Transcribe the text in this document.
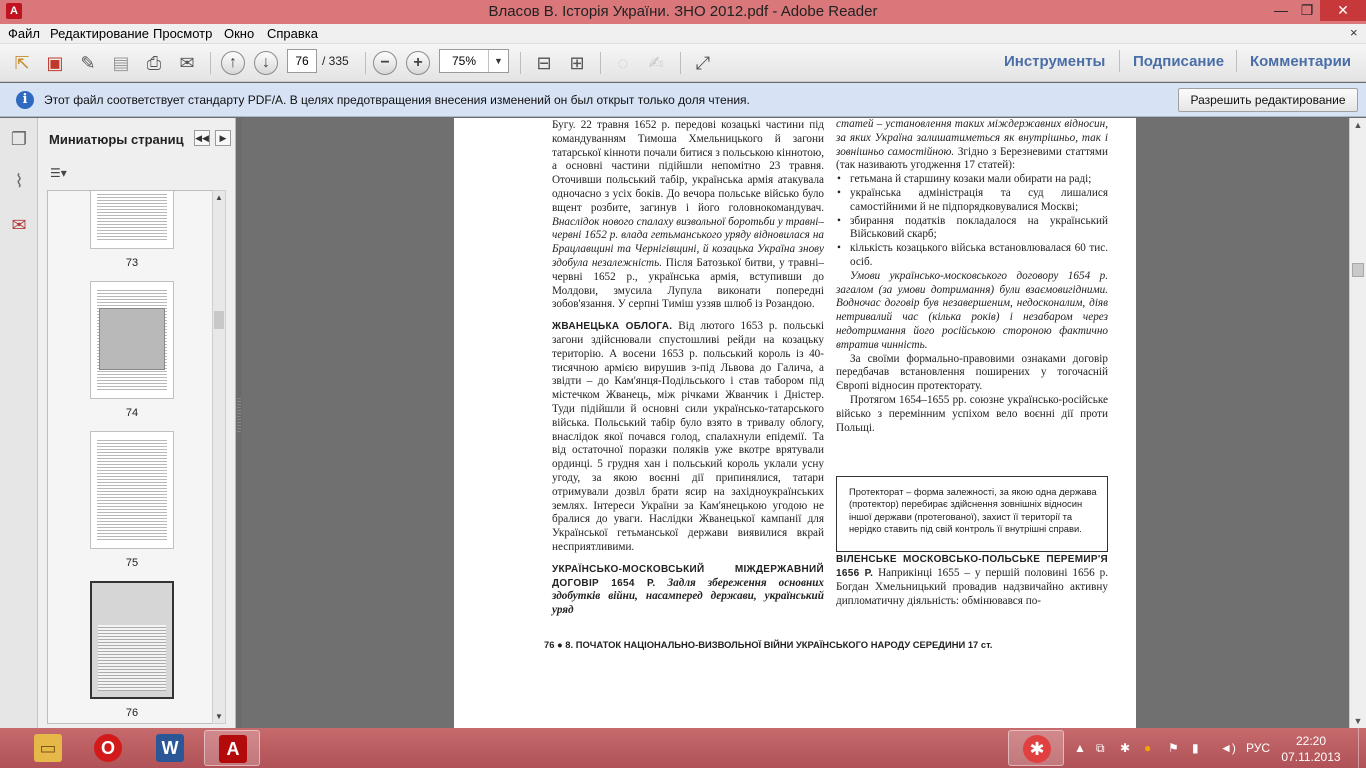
A	Власов В. Історія України. ЗНО 2012.pdf - Adobe Reader	— ❐	✕
Файл Редактирование Просмотр Окно Справка	×
⇱ ▣ ✎ ▤ ⎙	✉	↑	↓	−	+	⊟ ⊞	◌	✍	⤢
76	/ 335	75%	▼	Инструменты Подписание Комментарии
i	Этот файл соответствует стандарту PDF/A. В целях предотвращения внесения изменений он был открыт только доля чтения.	Разрешить редактирование
❐
⌇
✉
Миниатюры страниц ◀◀	▶
☰▾
73
74
75
76
▲
▼

Бугу. 22 травня 1652 р. передові козацькі частини під командуванням Тимоша Хмельницького й загони татарської кінноти почали битися з польською кіннотою, а основні частини підійшли непомітно 23 травня. Оточивши польський табір, українська армія атакувала одночасно з усіх боків. До вечора польське військо було вщент розбите, загинув і його головнокомандувач. Внаслідок нового спалаху визвольної боротьби у травні–червні 1652 р. влада гетьманського уряду відновилася на Брацлавщині та Чернігівщині, й козацька Україна знову здобула незалежність. Після Батозької битви, у травні–червні 1652 р., українська армія, вступивши до Молдови, змусила Лупула виконати попередні зобов'язання. У серпні Тиміш уззяв шлюб із Розандою.

ЖВАНЕЦЬКА ОБЛОГА. Від лютого 1653 р. польські загони здійснювали спустошливі рейди на козацьку територію. А восени 1653 р. польський король із 40-тисячною армією вирушив з-під Львова до Галича, а звідти – до Кам'янця-Подільського і став табором під містечком Жванець, між річками Жванчик і Дністер. Туди підійшли й основні сили українсько-татарського війська. Польський табір було взято в тривалу облогу, внаслідок якої почався голод, спалахнули епідемії. Та від остаточної поразки поляків уже вкотре врятували ординці. 5 грудня хан і польський король уклали усну угоду, за якою воєнні дії припинялися, татари отримували дозвіл брати ясир на західноукраїнських землях. Інтереси України за Кам'янецькою угодою не бралися до уваги. Наслідки Жванецької кампанії для Української гетьманської держави виявилися вкрай несприятливими.

УКРАЇНСЬКО-МОСКОВСЬКИЙ МІЖДЕРЖАВНИЙ ДОГОВІР 1654 Р. Задля збереження основних здобутків війни, насамперед держави, український уряд

статей – установлення таких міждержавних відносин, за яких Україна залишатиметься як внутрішньо, так і зовнішньо самостійною. Згідно з Березневими статтями (так називають угодження 17 статей):

• гетьмана й старшину козаки мали обирати на раді;
• українська адміністрація та суд лишалися самостійними й не підпорядковувалися Москві;
• збирання податків покладалося на український Військовий скарб;
• кількість козацького війська встановлювалася 60 тис. осіб.

Умови українсько-московського договору 1654 р. загалом (за умови дотримання) були взаємовигідними. Водночас договір був незавершеним, недосконалим, діяв нетривалий час (кілька років) і незабаром через недотримання його російською стороною фактично втратив чинність.

За своїми формально-правовими ознаками договір передбачав встановлення поширених у тогочасній Європі відносин протекторату.

Протягом 1654–1655 рр. союзне українсько-російське військо з перемінним успіхом вело воєнні дії проти Польщі.

ВІЛЕНСЬКЕ МОСКОВСЬКО-ПОЛЬСЬКЕ ПЕРЕМИР'Я 1656 Р. Наприкінці 1655 – у першій половині 1656 р. Богдан Хмельницький провадив надзвичайно активну дипломатичну діяльність: обмінювався по-

Протекторат – форма залежності, за якою одна держава (протектор) перебирає здійснення зовнішніх відносин іншої держави (протегованої), захист її території та нерідко ставить під свій контроль її внутрішні справи.
76 ● 8. ПОЧАТОК НАЦІОНАЛЬНО-ВИЗВОЛЬНОЇ ВІЙНИ УКРАЇНСЬКОГО НАРОДУ СЕРЕДИНИ 17 ст.
▲
▼
▭	O	W	A	✱	▲ ⧉ ✱ ● ⚑ ▮ ◄) РУС	22:20
07.11.2013
